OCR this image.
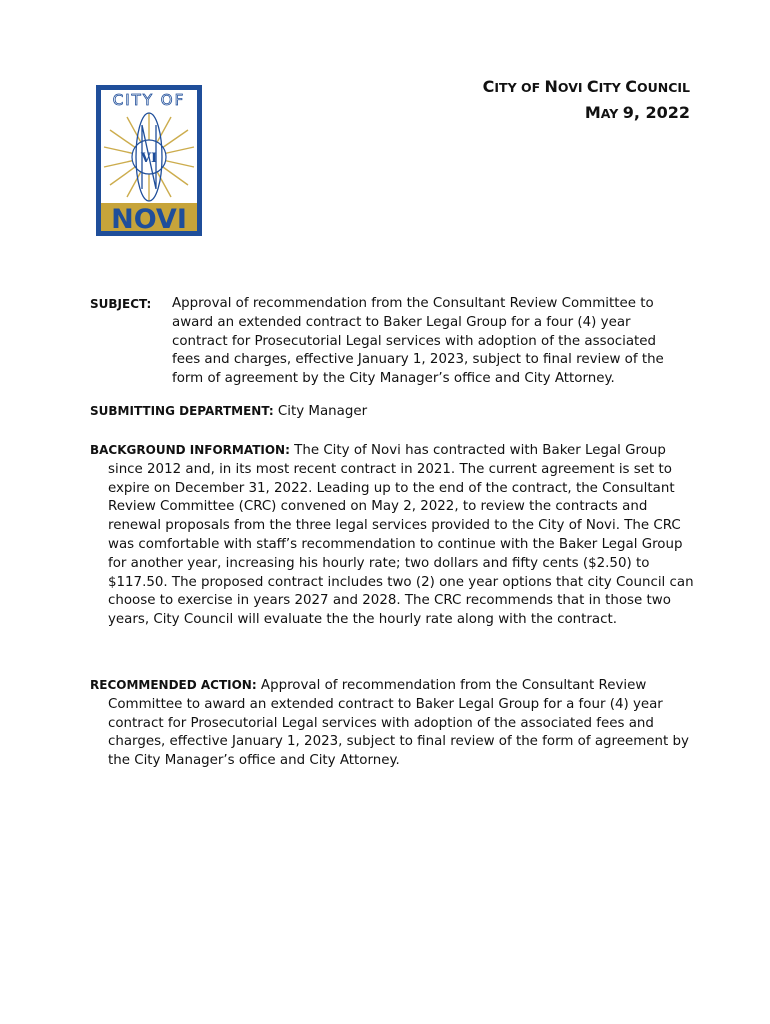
CITY OF
VI
NOVI
CITY OF NOVI CITY COUNCIL
MAY 9, 2022
SUBJECT: Approval of recommendation from the Consultant Review Committee to award an extended contract to Baker Legal Group for a four (4) year contract for Prosecutorial Legal services with adoption of the associated fees and charges, effective January 1, 2023, subject to final review of the form of agreement by the City Manager’s office and City Attorney.
SUBMITTING DEPARTMENT: City Manager
BACKGROUND INFORMATION: The City of Novi has contracted with Baker Legal Group since 2012 and, in its most recent contract in 2021. The current agreement is set to expire on December 31, 2022. Leading up to the end of the contract, the Consultant Review Committee (CRC) convened on May 2, 2022, to review the contracts and renewal proposals from the three legal services provided to the City of Novi. The CRC was comfortable with staff’s recommendation to continue with the Baker Legal Group for another year, increasing his hourly rate; two dollars and fifty cents ($2.50) to $117.50. The proposed contract includes two (2) one year options that city Council can choose to exercise in years 2027 and 2028. The CRC recommends that in those two years, City Council will evaluate the the hourly rate along with the contract.
RECOMMENDED ACTION: Approval of recommendation from the Consultant Review Committee to award an extended contract to Baker Legal Group for a four (4) year contract for Prosecutorial Legal services with adoption of the associated fees and charges, effective January 1, 2023, subject to final review of the form of agreement by the City Manager’s office and City Attorney.
